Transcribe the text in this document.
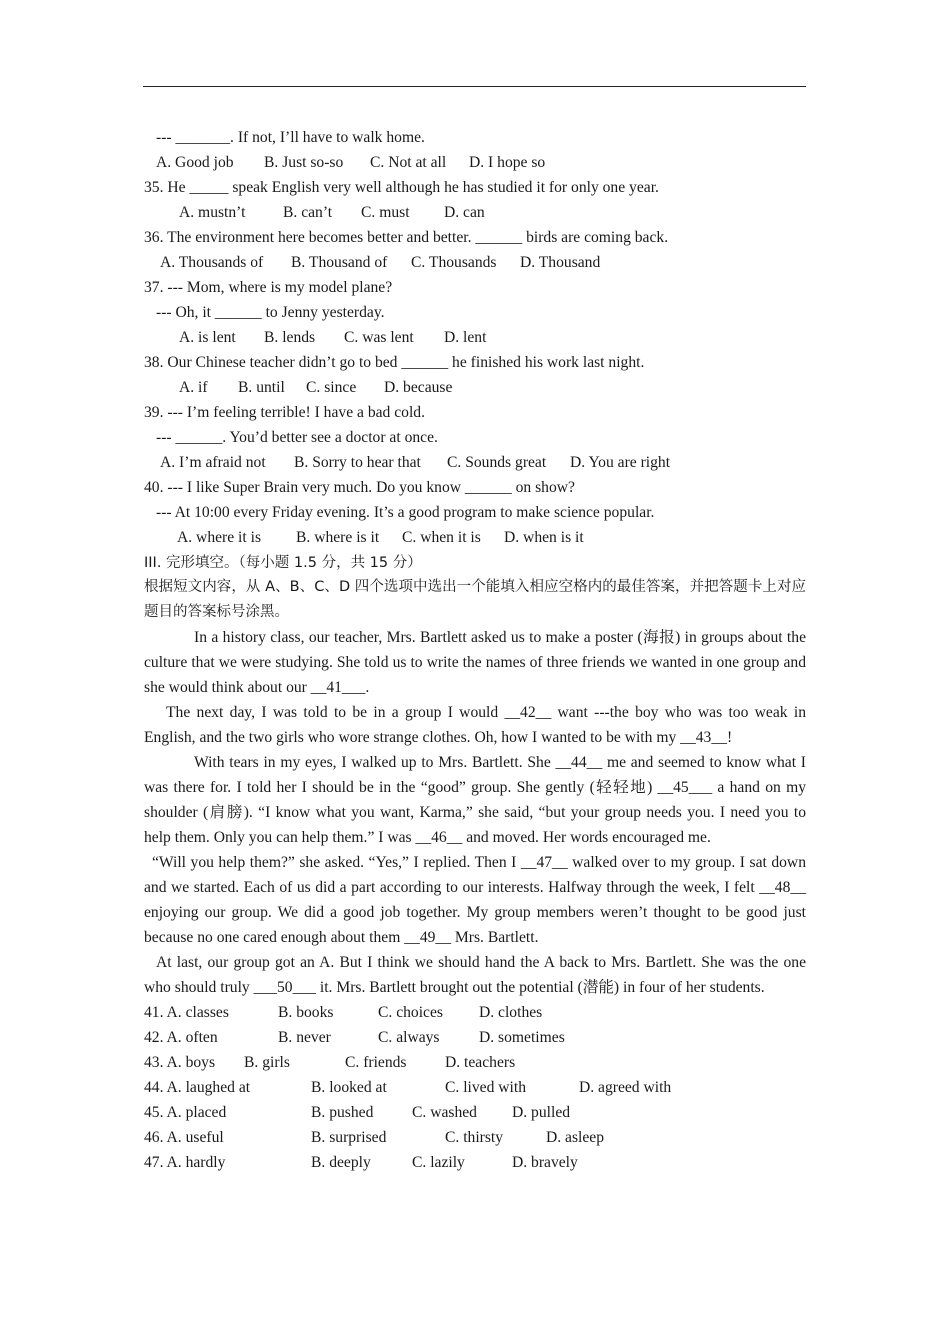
--- _______. If not, I’ll have to walk home.
A. Good job B. Just so-so C. Not at all D. I hope so
35. He _____ speak English very well although he has studied it for only one year.
A. mustn’t B. can’t C. must D. can
36. The environment here becomes better and better. ______ birds are coming back.
A. Thousands of B. Thousand of C. Thousands D. Thousand
37. --- Mom, where is my model plane?
--- Oh, it ______ to Jenny yesterday.
A. is lent B. lends C. was lent D. lent
38. Our Chinese teacher didn’t go to bed ______ he finished his work last night.
A. if B. until C. since D. because
39. --- I’m feeling terrible! I have a bad cold.
--- ______. You’d better see a doctor at once.
A. I’m afraid not B. Sorry to hear that C. Sounds great D. You are right
40. --- I like Super Brain very much. Do you know ______ on show?
--- At 10:00 every Friday evening. It’s a good program to make science popular.
A. where it is B. where is it C. when it is D. when is it
III. 完形填空。（每小题 1.5 分，共 15 分）
根据短文内容，从 A、B、C、D 四个选项中选出一个能填入相应空格内的最佳答案，并把答题卡上对应题目的答案标号涂黑。
In a history class, our teacher, Mrs. Bartlett asked us to make a poster (海报) in groups about the culture that we were studying. She told us to write the names of three friends we wanted in one group and she would think about our __41___.
The next day, I was told to be in a group I would __42__ want ---the boy who was too weak in English, and the two girls who wore strange clothes. Oh, how I wanted to be with my __43__!
With tears in my eyes, I walked up to Mrs. Bartlett. She __44__ me and seemed to know what I was there for. I told her I should be in the “good” group. She gently (轻轻地) __45___ a hand on my shoulder (肩膀). “I know what you want, Karma,” she said, “but your group needs you. I need you to help them. Only you can help them.” I was __46__ and moved. Her words encouraged me.
“Will you help them?” she asked. “Yes,” I replied. Then I __47__ walked over to my group. I sat down and we started. Each of us did a part according to our interests. Halfway through the week, I felt __48__ enjoying our group. We did a good job together. My group members weren’t thought to be good just because no one cared enough about them __49__ Mrs. Bartlett.
At last, our group got an A. But I think we should hand the A back to Mrs. Bartlett. She was the one who should truly ___50___ it. Mrs. Bartlett brought out the potential (潜能) in four of her students.
41. A. classes	B. books	C. choices D. clothes
42. A. often	B. never	C. always	D. sometimes
43. A. boys B. girls	C. friends D. teachers
44. A. laughed at	B. looked at	C. lived with	D. agreed with
45. A. placed	B. pushed C. washed D. pulled
46. A. useful	B. surprised	C. thirsty	D. asleep
47. A. hardly	B. deeply	C. lazily	D. bravely
